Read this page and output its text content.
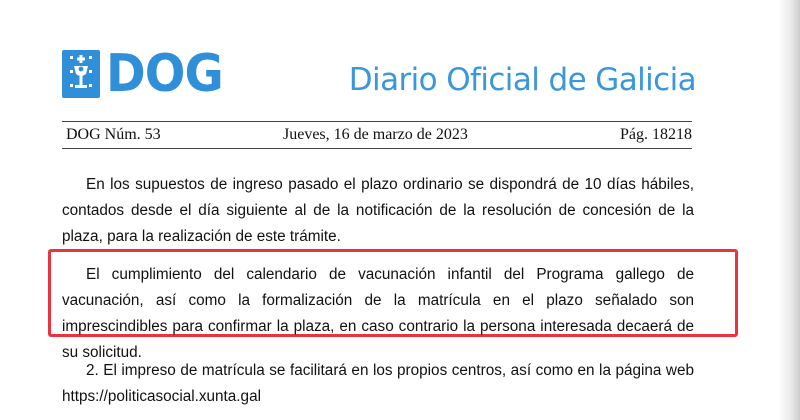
DOG	Diario Oficial de Galicia
DOG Núm. 53	Jueves, 16 de marzo de 2023	Pág. 18218

En los supuestos de ingreso pasado el plazo ordinario se dispondrá de 10 días hábiles, contados desde el día siguiente al de la notificación de la resolución de concesión de la plaza, para la realización de este trámite.

El cumplimiento del calendario de vacunación infantil del Programa gallego de vacunación, así como la formalización de la matrícula en el plazo señalado son imprescindibles para confirmar la plaza, en caso contrario la persona interesada decaerá de su solicitud.

2. El impreso de matrícula se facilitará en los propios centros, así como en la página web https://politicasocial.xunta.gal
